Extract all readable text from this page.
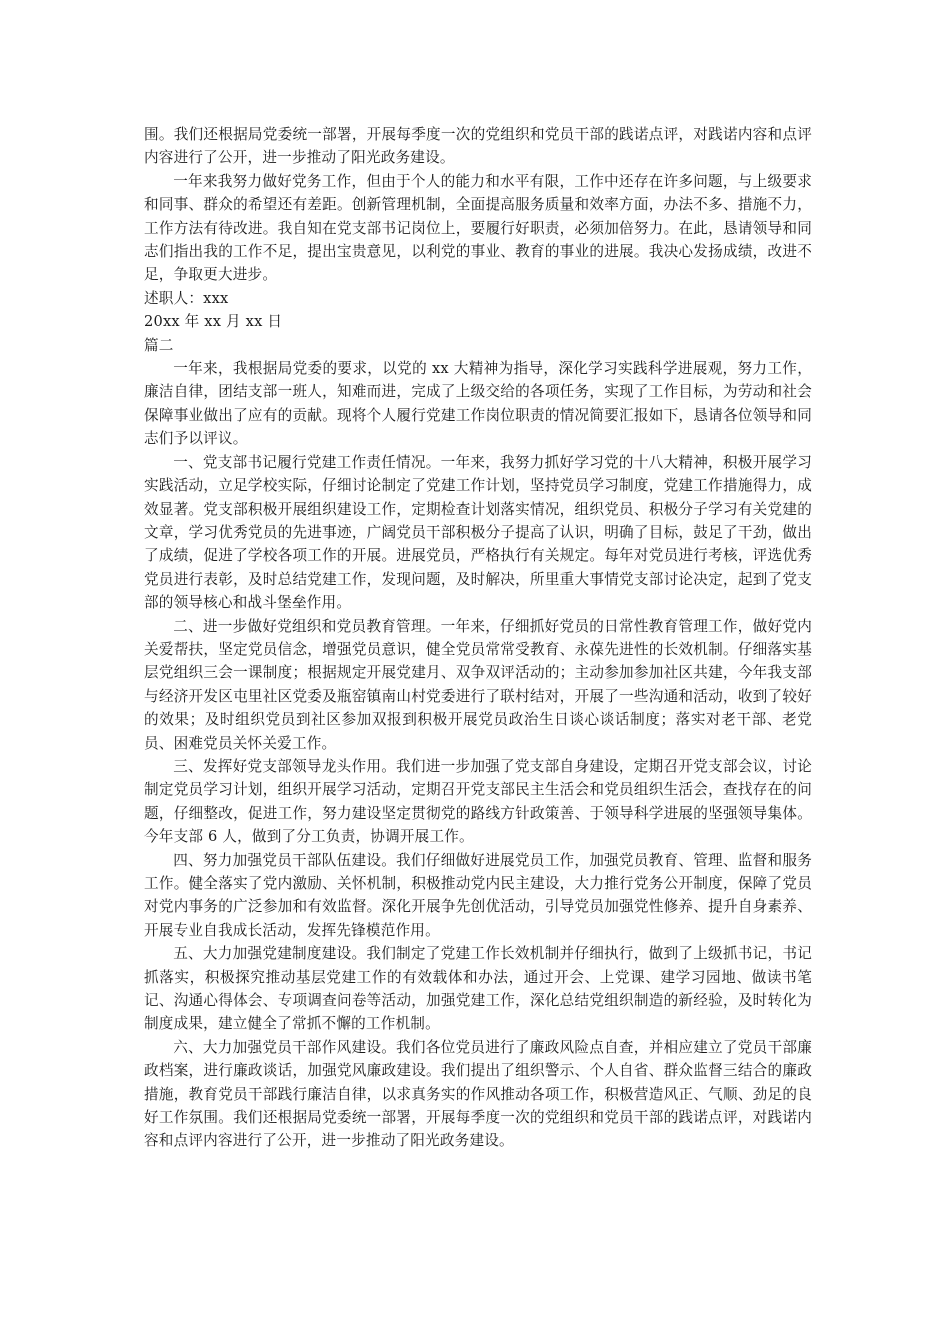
围。我们还根据局党委统一部署，开展每季度一次的党组织和党员干部的践诺点评，对践诺内容和点评内容进行了公开，进一步推动了阳光政务建设。

一年来我努力做好党务工作，但由于个人的能力和水平有限，工作中还存在许多问题，与上级要求和同事、群众的希望还有差距。创新管理机制，全面提高服务质量和效率方面，办法不多、措施不力，工作方法有待改进。我自知在党支部书记岗位上，要履行好职责，必须加倍努力。在此，恳请领导和同志们指出我的工作不足，提出宝贵意见，以利党的事业、教育的事业的进展。我决心发扬成绩，改进不足，争取更大进步。

述职人：xxx

20xx 年 xx 月 xx 日

篇二

一年来，我根据局党委的要求，以党的 xx 大精神为指导，深化学习实践科学进展观，努力工作，廉洁自律，团结支部一班人，知难而进，完成了上级交给的各项任务，实现了工作目标，为劳动和社会保障事业做出了应有的贡献。现将个人履行党建工作岗位职责的情况简要汇报如下，恳请各位领导和同志们予以评议。

一、党支部书记履行党建工作责任情况。一年来，我努力抓好学习党的十八大精神，积极开展学习实践活动，立足学校实际，仔细讨论制定了党建工作计划，坚持党员学习制度，党建工作措施得力，成效显著。党支部积极开展组织建设工作，定期检查计划落实情况，组织党员、积极分子学习有关党建的文章，学习优秀党员的先进事迹，广阔党员干部积极分子提高了认识，明确了目标，鼓足了干劲，做出了成绩，促进了学校各项工作的开展。进展党员，严格执行有关规定。每年对党员进行考核，评选优秀党员进行表彰，及时总结党建工作，发现问题，及时解决，所里重大事情党支部讨论决定，起到了党支部的领导核心和战斗堡垒作用。

二、进一步做好党组织和党员教育管理。一年来，仔细抓好党员的日常性教育管理工作，做好党内关爱帮扶，坚定党员信念，增强党员意识，健全党员常常受教育、永葆先进性的长效机制。仔细落实基层党组织三会一课制度；根据规定开展党建月、双争双评活动的；主动参加参加社区共建，今年我支部与经济开发区屯里社区党委及瓶窑镇南山村党委进行了联村结对，开展了一些沟通和活动，收到了较好的效果；及时组织党员到社区参加双报到积极开展党员政治生日谈心谈话制度；落实对老干部、老党员、困难党员关怀关爱工作。

三、发挥好党支部领导龙头作用。我们进一步加强了党支部自身建设，定期召开党支部会议，讨论制定党员学习计划，组织开展学习活动，定期召开党支部民主生活会和党员组织生活会，查找存在的问题，仔细整改，促进工作，努力建设坚定贯彻党的路线方针政策善、于领导科学进展的坚强领导集体。今年支部 6 人，做到了分工负责，协调开展工作。

四、努力加强党员干部队伍建设。我们仔细做好进展党员工作，加强党员教育、管理、监督和服务工作。健全落实了党内激励、关怀机制，积极推动党内民主建设，大力推行党务公开制度，保障了党员对党内事务的广泛参加和有效监督。深化开展争先创优活动，引导党员加强党性修养、提升自身素养、开展专业自我成长活动，发挥先锋模范作用。

五、大力加强党建制度建设。我们制定了党建工作长效机制并仔细执行，做到了上级抓书记，书记抓落实，积极探究推动基层党建工作的有效载体和办法，通过开会、上党课、建学习园地、做读书笔记、沟通心得体会、专项调查问卷等活动，加强党建工作，深化总结党组织制造的新经验，及时转化为制度成果，建立健全了常抓不懈的工作机制。

六、大力加强党员干部作风建设。我们各位党员进行了廉政风险点自查，并相应建立了党员干部廉政档案，进行廉政谈话，加强党风廉政建设。我们提出了组织警示、个人自省、群众监督三结合的廉政措施，教育党员干部践行廉洁自律，以求真务实的作风推动各项工作，积极营造风正、气顺、劲足的良好工作氛围。我们还根据局党委统一部署，开展每季度一次的党组织和党员干部的践诺点评，对践诺内容和点评内容进行了公开，进一步推动了阳光政务建设。
